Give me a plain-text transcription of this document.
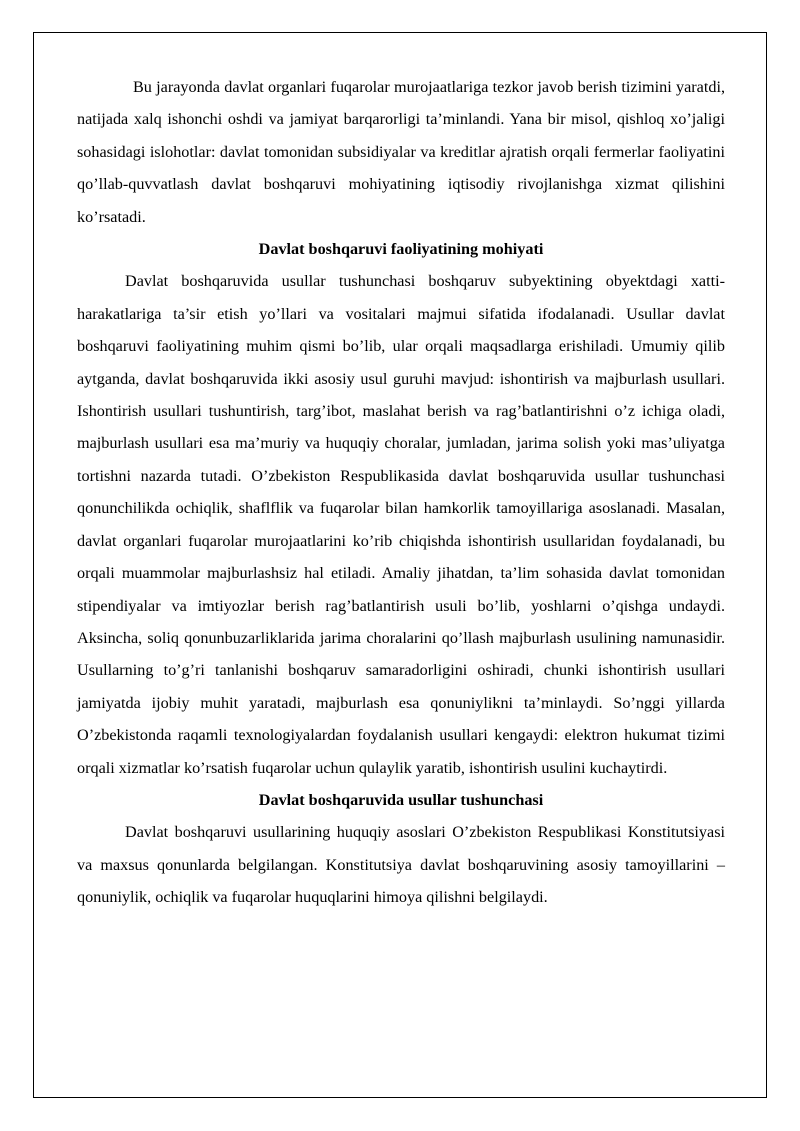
Bu jarayonda davlat organlari fuqarolar murojaatlariga tezkor javob berish tizimini yaratdi, natijada xalq ishonchi oshdi va jamiyat barqarorligi ta’minlandi. Yana bir misol, qishloq xo’jaligi sohasidagi islohotlar: davlat tomonidan subsidiyalar va kreditlar ajratish orqali fermerlar faoliyatini qo’llab-quvvatlash davlat boshqaruvi mohiyatining iqtisodiy rivojlanishga xizmat qilishini ko’rsatadi.

Davlat boshqaruvi faoliyatining mohiyati

Davlat boshqaruvida usullar tushunchasi boshqaruv subyektining obyektdagi xatti-harakatlariga ta’sir etish yo’llari va vositalari majmui sifatida ifodalanadi. Usullar davlat boshqaruvi faoliyatining muhim qismi bo’lib, ular orqali maqsadlarga erishiladi. Umumiy qilib aytganda, davlat boshqaruvida ikki asosiy usul guruhi mavjud: ishontirish va majburlash usullari. Ishontirish usullari tushuntirish, targ’ibot, maslahat berish va rag’batlantirishni o’z ichiga oladi, majburlash usullari esa ma’muriy va huquqiy choralar, jumladan, jarima solish yoki mas’uliyatga tortishni nazarda tutadi. O’zbekiston Respublikasida davlat boshqaruvida usullar tushunchasi qonunchilikda ochiqlik, shaflflik va fuqarolar bilan hamkorlik tamoyillariga asoslanadi. Masalan, davlat organlari fuqarolar murojaatlarini ko’rib chiqishda ishontirish usullaridan foydalanadi, bu orqali muammolar majburlashsiz hal etiladi. Amaliy jihatdan, ta’lim sohasida davlat tomonidan stipendiyalar va imtiyozlar berish rag’batlantirish usuli bo’lib, yoshlarni o’qishga undaydi. Aksincha, soliq qonunbuzarliklarida jarima choralarini qo’llash majburlash usulining namunasidir. Usullarning to’g’ri tanlanishi boshqaruv samaradorligini oshiradi, chunki ishontirish usullari jamiyatda ijobiy muhit yaratadi, majburlash esa qonuniylikni ta’minlaydi. So’nggi yillarda O’zbekistonda raqamli texnologiyalardan foydalanish usullari kengaydi: elektron hukumat tizimi orqali xizmatlar ko’rsatish fuqarolar uchun qulaylik yaratib, ishontirish usulini kuchaytirdi.

Davlat boshqaruvida usullar tushunchasi

Davlat boshqaruvi usullarining huquqiy asoslari O’zbekiston Respublikasi Konstitutsiyasi va maxsus qonunlarda belgilangan. Konstitutsiya davlat boshqaruvining asosiy tamoyillarini – qonuniylik, ochiqlik va fuqarolar huquqlarini himoya qilishni belgilaydi.
